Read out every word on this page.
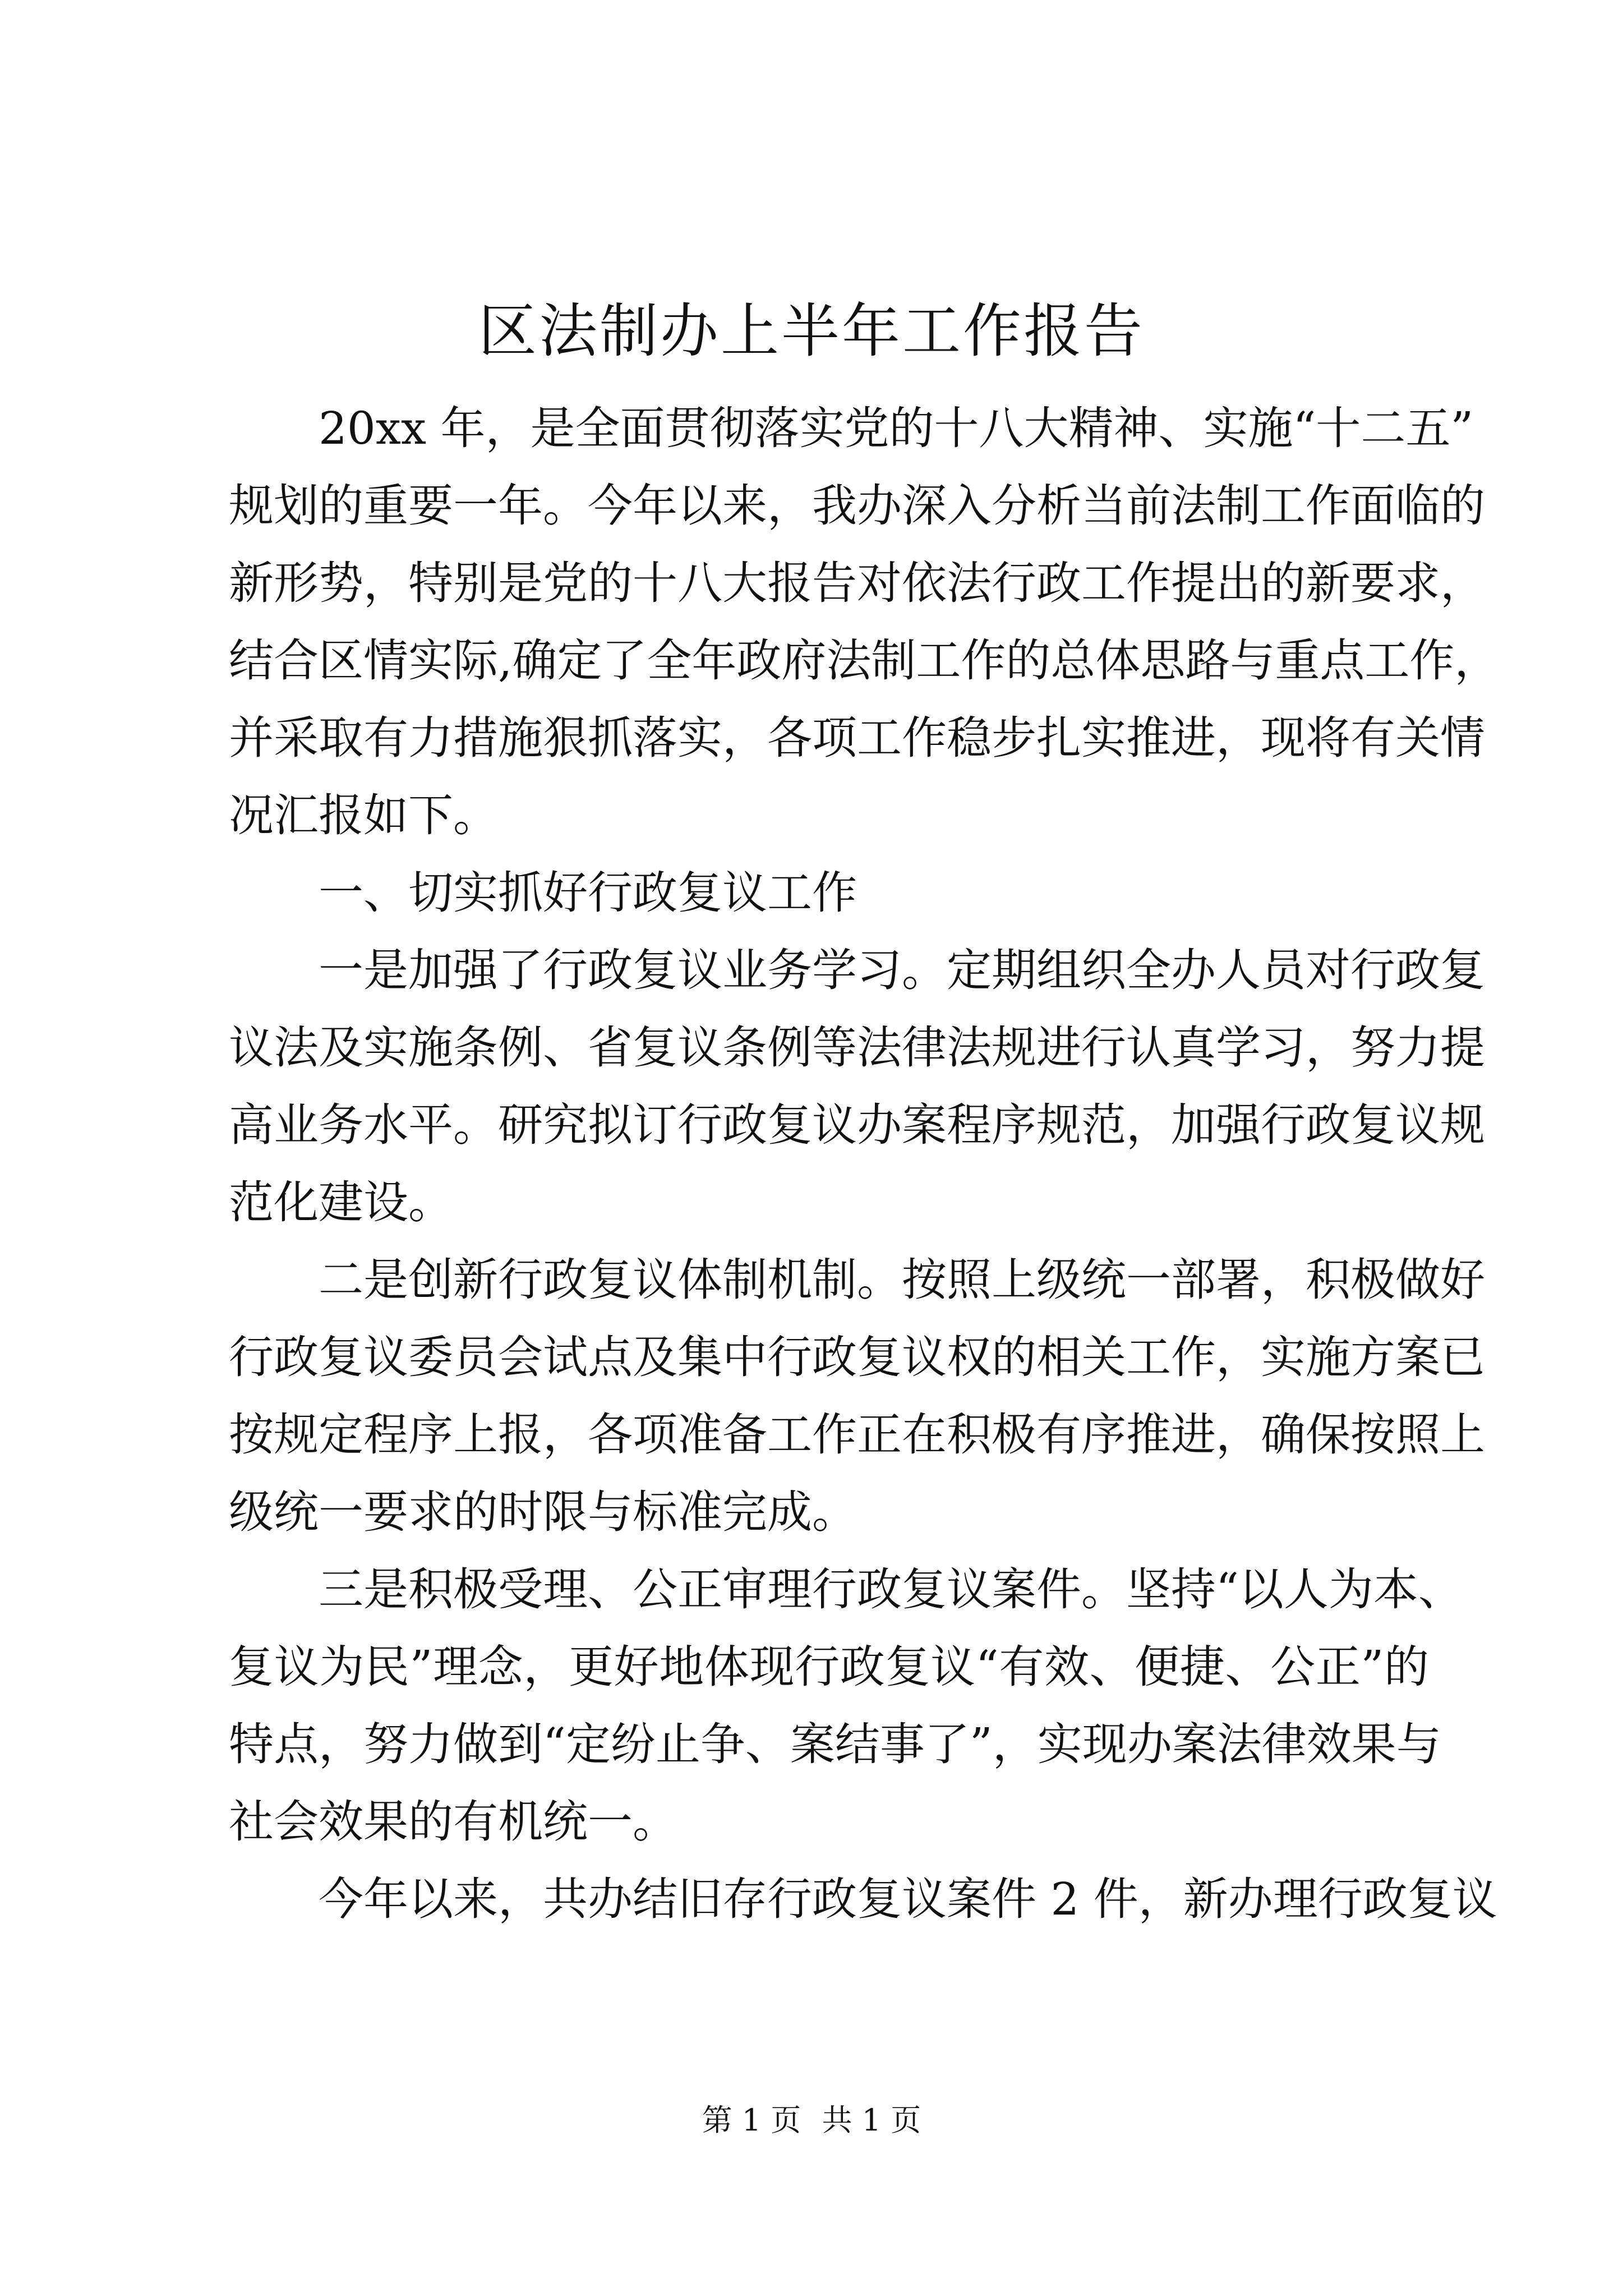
区法制办上半年工作报告
20xx 年，是全面贯彻落实党的十八大精神、实施“十二五”
规划的重要一年。今年以来，我办深入分析当前法制工作面临的
新形势，特别是党的十八大报告对依法行政工作提出的新要求，
结合区情实际,确定了全年政府法制工作的总体思路与重点工作，
并采取有力措施狠抓落实，各项工作稳步扎实推进，现将有关情
况汇报如下。
一、切实抓好行政复议工作
一是加强了行政复议业务学习。定期组织全办人员对行政复
议法及实施条例、省复议条例等法律法规进行认真学习，努力提
高业务水平。研究拟订行政复议办案程序规范，加强行政复议规
范化建设。
二是创新行政复议体制机制。按照上级统一部署，积极做好
行政复议委员会试点及集中行政复议权的相关工作，实施方案已
按规定程序上报，各项准备工作正在积极有序推进，确保按照上
级统一要求的时限与标准完成。
三是积极受理、公正审理行政复议案件。坚持“以人为本、
复议为民”理念，更好地体现行政复议“有效、便捷、公正”的
特点，努力做到“定纷止争、案结事了”，实现办案法律效果与
社会效果的有机统一。
今年以来，共办结旧存行政复议案件 2 件，新办理行政复议
第 1 页 共 1 页
